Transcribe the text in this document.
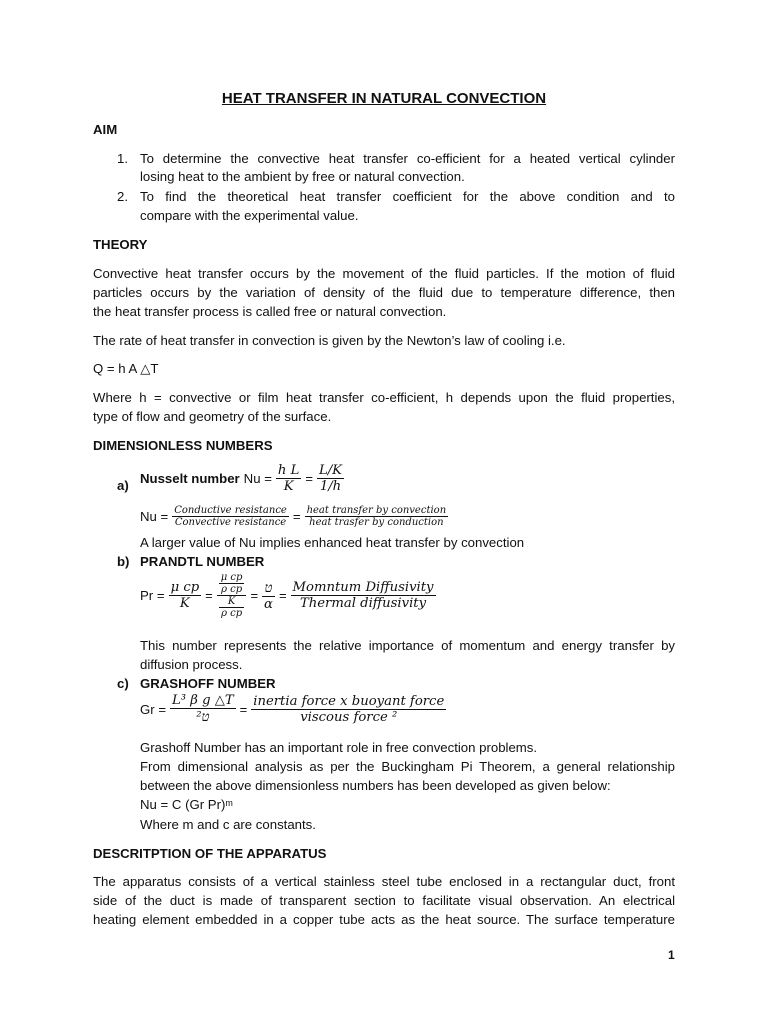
HEAT TRANSFER IN NATURAL CONVECTION
AIM
1. To determine the convective heat transfer co-efficient for a heated vertical cylinder
losing heat to the ambient by free or natural convection.
2. To find the theoretical heat transfer coefficient for the above condition and to
compare with the experimental value.
THEORY
Convective heat transfer occurs by the movement of the fluid particles. If the motion of fluid
particles occurs by the variation of density of the fluid due to temperature difference, then
the heat transfer process is called free or natural convection.
The rate of heat transfer in convection is given by the Newton’s law of cooling i.e.
Q = h A △T
Where h = convective or film heat transfer co-efficient, h depends upon the fluid properties,
type of flow and geometry of the surface.
DIMENSIONLESS NUMBERS
a) Nusselt number $Nu = \frac{\text{h L}}{K} = \frac{L/K}{1/h}$
$Nu = \frac{\text{Conductive resistance}}{\text{Convective resistance}} = \frac{\text{heat transfer by convection}}{\text{heat trasfer by conduction}}$
A larger value of Nu implies enhanced heat transfer by convection
b) PRANDTL NUMBER
$Pr = \frac{\text{μ cp}}{K} = \frac{\frac{\text{μ cp}}{\text{ρ cp}}}{\frac{K}{\text{ρ cp}}} = \frac{\text{ט}}{\alpha} = \frac{\text{Momntum Diffusivity}}{\text{Thermal diffusivity}}$
This number represents the relative importance of momentum and energy transfer by
diffusion process.
c) GRASHOFF NUMBER
$Gr = \frac{\text{L³ β g △T}}{\text{ט²}} = \frac{\text{inertia force x buoyant force}}{\text{viscous force ²}}$
Grashoff Number has an important role in free convection problems.
From dimensional analysis as per the Buckingham Pi Theorem, a general relationship
between the above dimensionless numbers has been developed as given below:
Nu = C (Gr Pr)ᵐ
Where m and c are constants.
DESCRITPTION OF THE APPARATUS
The apparatus consists of a vertical stainless steel tube enclosed in a rectangular duct, front
side of the duct is made of transparent section to facilitate visual observation. An electrical
heating element embedded in a copper tube acts as the heat source. The surface temperature
1
